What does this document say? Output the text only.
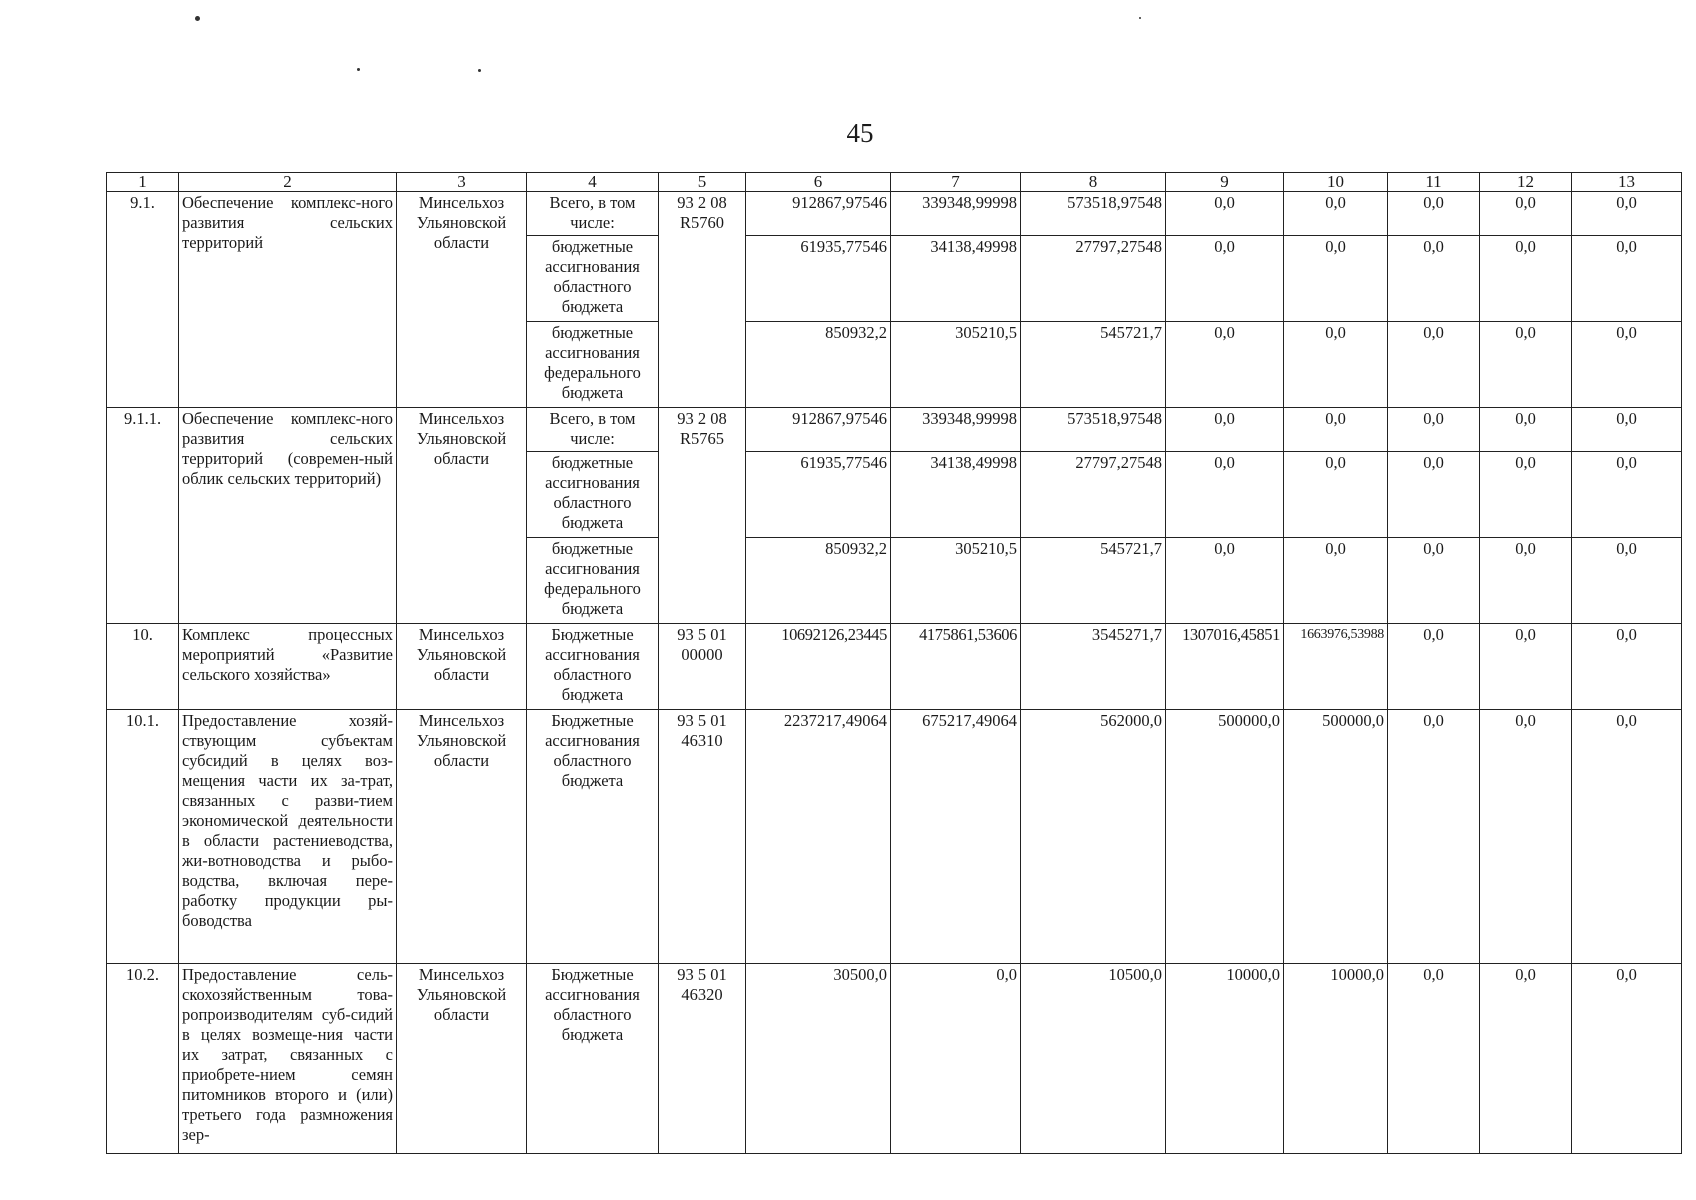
45
1	2	3	4	5	6	7	8	9	10	11	12	13
9.1.	Обеспечение комплекс-ного развития сельских территорий	Минсельхоз Ульяновской области	Всего, в том числе:	93 2 08 R5760	912867,97546	339348,99998	573518,97548	0,0	0,0	0,0	0,0	0,0
			бюджетные ассигнования областного бюджета		61935,77546	34138,49998	27797,27548	0,0	0,0	0,0	0,0	0,0
			бюджетные ассигнования федерального бюджета		850932,2	305210,5	545721,7	0,0	0,0	0,0	0,0	0,0
9.1.1.	Обеспечение комплекс-ного развития сельских территорий (современ-ный облик сельских территорий)	Минсельхоз Ульяновской области	Всего, в том числе:	93 2 08 R5765	912867,97546	339348,99998	573518,97548	0,0	0,0	0,0	0,0	0,0
			бюджетные ассигнования областного бюджета		61935,77546	34138,49998	27797,27548	0,0	0,0	0,0	0,0	0,0
			бюджетные ассигнования федерального бюджета		850932,2	305210,5	545721,7	0,0	0,0	0,0	0,0	0,0
10.	Комплекс процессных мероприятий «Развитие сельского хозяйства»	Минсельхоз Ульяновской области	Бюджетные ассигнования областного бюджета	93 5 01 00000	10692126,23445	4175861,53606	3545271,7	1307016,45851	1663976,53988	0,0	0,0	0,0
10.1.	Предоставление хозяй-ствующим субъектам субсидий в целях воз-мещения части их за-трат, связанных с разви-тием экономической деятельности в области растениеводства, жи-вотноводства и рыбо-водства, включая пере-работку продукции ры-боводства	Минсельхоз Ульяновской области	Бюджетные ассигнования областного бюджета	93 5 01 46310	2237217,49064	675217,49064	562000,0	500000,0	500000,0	0,0	0,0	0,0
10.2.	Предоставление сель-скохозяйственным това-ропроизводителям суб-сидий в целях возмеще-ния части их затрат, связанных с приобрете-нием семян питомников второго и (или) третьего года размножения зер-	Минсельхоз Ульяновской области	Бюджетные ассигнования областного бюджета	93 5 01 46320	30500,0	0,0	10500,0	10000,0	10000,0	0,0	0,0	0,0
